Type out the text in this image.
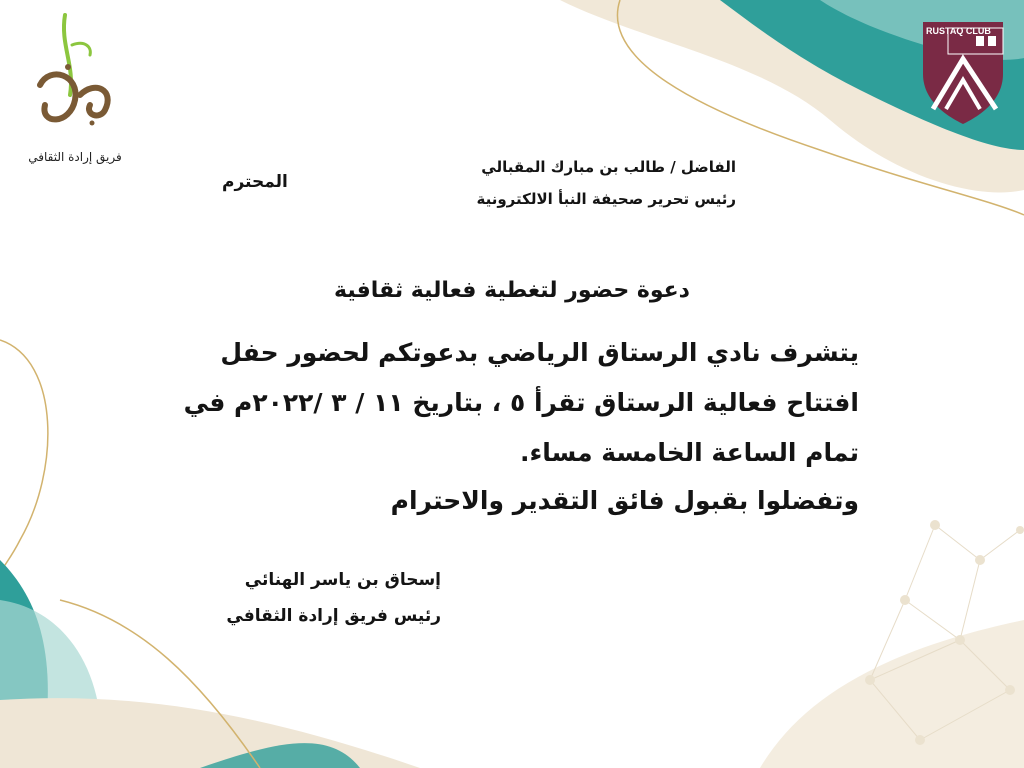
فريق إرادة الثقافي
RUSTAQ CLUB
الفاضل / طالب بن مبارك المقبالي
رئيس تحرير صحيفة النبأ الالكترونية
المحترم
دعوة حضور لتغطية فعالية ثقافية
يتشرف نادي الرستاق الرياضي بدعوتكم لحضور حفل
افتتاح فعالية الرستاق تقرأ ٥ ، بتاريخ ١١ / ٣ /٢٠٢٢م في
تمام الساعة الخامسة مساء.
وتفضلوا بقبول فائق التقدير والاحترام
إسحاق بن ياسر الهنائي
رئيس فريق إرادة الثقافي
